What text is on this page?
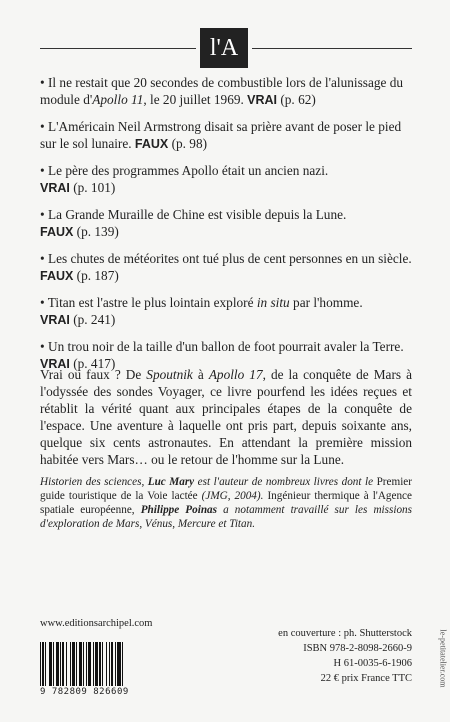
l'A

• Il ne restait que 20 secondes de combustible lors de l'alunissage du module d'Apollo 11, le 20 juillet 1969. VRAI (p. 62)

• L'Américain Neil Armstrong disait sa prière avant de poser le pied sur le sol lunaire. FAUX (p. 98)

• Le père des programmes Apollo était un ancien nazi.
VRAI (p. 101)

• La Grande Muraille de Chine est visible depuis la Lune.
FAUX (p. 139)

• Les chutes de météorites ont tué plus de cent personnes en un siècle. FAUX (p. 187)

• Titan est l'astre le plus lointain exploré in situ par l'homme.
VRAI (p. 241)

• Un trou noir de la taille d'un ballon de foot pourrait avaler la Terre. VRAI (p. 417)

Vrai ou faux ? De Spoutnik à Apollo 17, de la conquête de Mars à l'odyssée des sondes Voyager, ce livre pourfend les idées reçues et rétablit la vérité quant aux principales étapes de la conquête de l'espace. Une aventure à laquelle ont pris part, depuis soixante ans, quelque six cents astronautes. En attendant la première mission habitée vers Mars… ou le retour de l'homme sur la Lune.

Historien des sciences, Luc Mary est l'auteur de nombreux livres dont le Premier guide touristique de la Voie lactée (JMG, 2004). Ingénieur thermique à l'Agence spatiale européenne, Philippe Poinas a notamment travaillé sur les missions d'exploration de Mars, Vénus, Mercure et Titan.

www.editionsarchipel.com
en couverture : ph. Shutterstock
ISBN 978-2-8098-2660-9
H 61-0035-6-1906
22 € prix France TTC
9 782809 826609
le-petitatelier.com
